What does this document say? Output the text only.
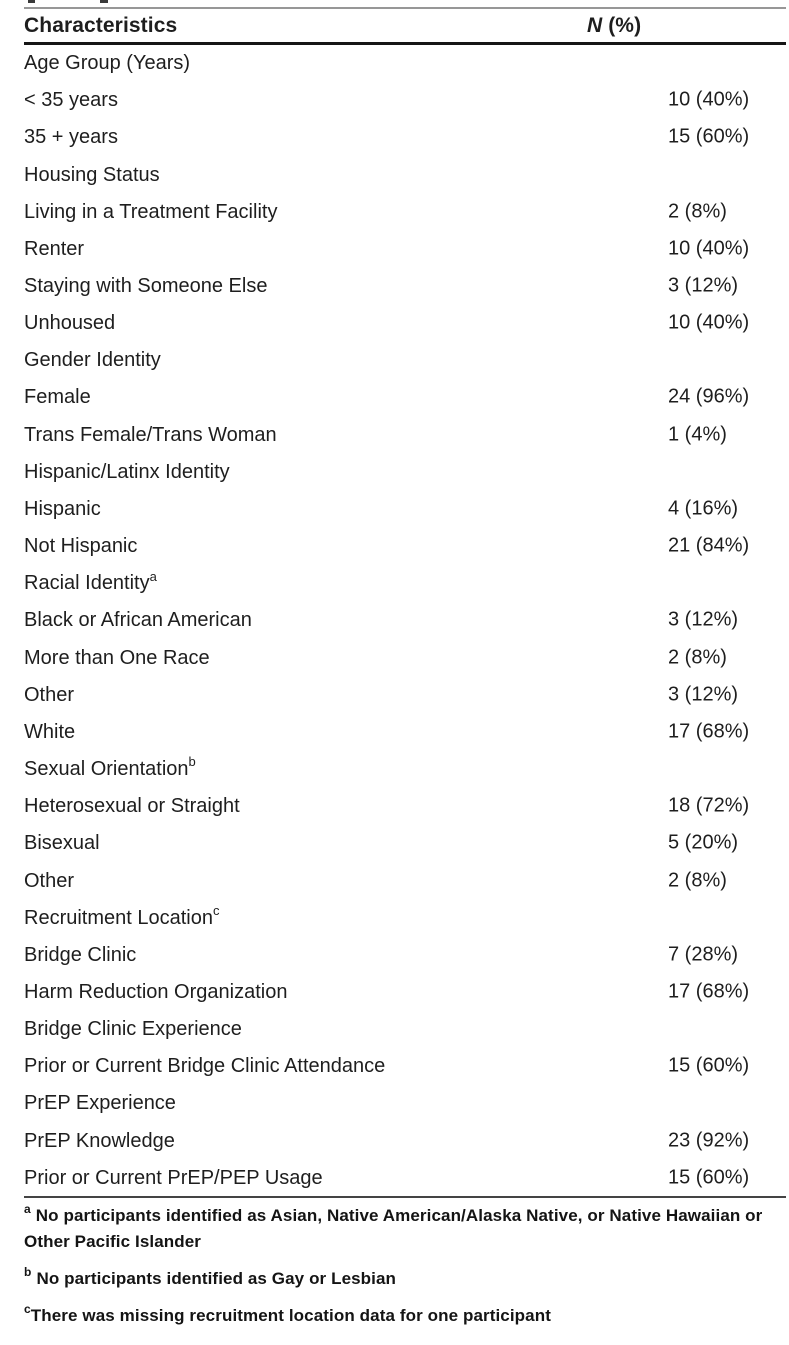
Characteristics	N (%)
Age Group (Years)
< 35 years	10 (40%)
35 + years	15 (60%)
Housing Status
Living in a Treatment Facility	2 (8%)
Renter	10 (40%)
Staying with Someone Else	3 (12%)
Unhoused	10 (40%)
Gender Identity
Female	24 (96%)
Trans Female/Trans Woman	1 (4%)
Hispanic/Latinx Identity
Hispanic	4 (16%)
Not Hispanic	21 (84%)
Racial Identity$^a$
Black or African American	3 (12%)
More than One Race	2 (8%)
Other	3 (12%)
White	17 (68%)
Sexual Orientation$^b$
Heterosexual or Straight	18 (72%)
Bisexual	5 (20%)
Other	2 (8%)
Recruitment Location$^c$
Bridge Clinic	7 (28%)
Harm Reduction Organization	17 (68%)
Bridge Clinic Experience
Prior or Current Bridge Clinic Attendance	15 (60%)
PrEP Experience
PrEP Knowledge	23 (92%)
Prior or Current PrEP/PEP Usage	15 (60%)
$^a$ No participants identified as Asian, Native American/Alaska Native, or Native Hawaiian or Other Pacific Islander
$^b$ No participants identified as Gay or Lesbian
$^c$There was missing recruitment location data for one participant
